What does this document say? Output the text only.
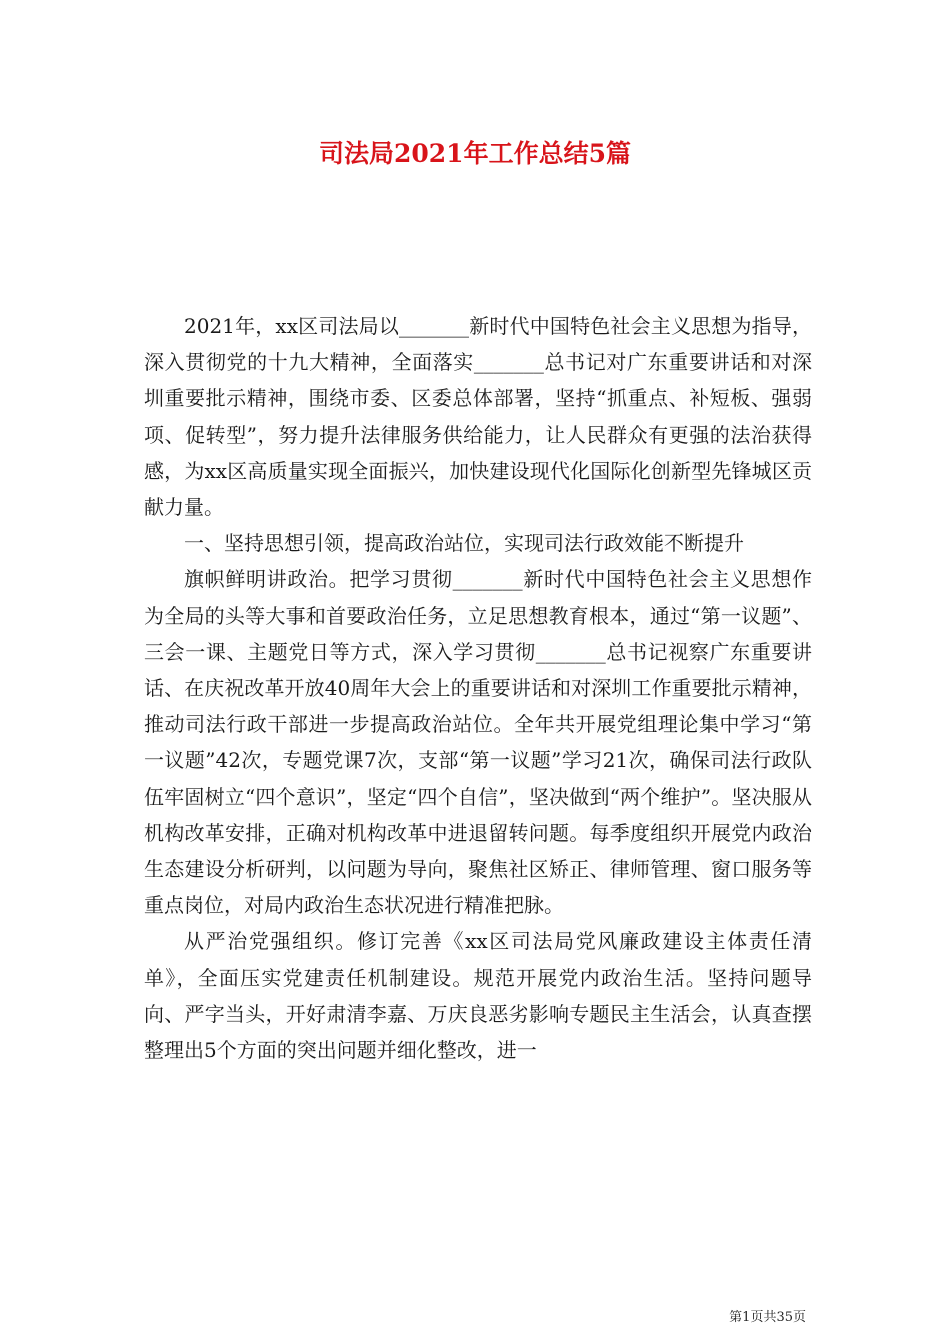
司法局2021年工作总结5篇

2021年，xx区司法局以_______新时代中国特色社会主义思想为指导，深入贯彻党的十九大精神，全面落实_______总书记对广东重要讲话和对深圳重要批示精神，围绕市委、区委总体部署，坚持“抓重点、补短板、强弱项、促转型”，努力提升法律服务供给能力，让人民群众有更强的法治获得感，为xx区高质量实现全面振兴，加快建设现代化国际化创新型先锋城区贡献力量。

一、坚持思想引领，提高政治站位，实现司法行政效能不断提升

旗帜鲜明讲政治。把学习贯彻_______新时代中国特色社会主义思想作为全局的头等大事和首要政治任务，立足思想教育根本，通过“第一议题”、三会一课、主题党日等方式，深入学习贯彻_______总书记视察广东重要讲话、在庆祝改革开放40周年大会上的重要讲话和对深圳工作重要批示精神，推动司法行政干部进一步提高政治站位。全年共开展党组理论集中学习“第一议题”42次，专题党课7次，支部“第一议题”学习21次，确保司法行政队伍牢固树立“四个意识”，坚定“四个自信”，坚决做到“两个维护”。坚决服从机构改革安排，正确对机构改革中进退留转问题。每季度组织开展党内政治生态建设分析研判，以问题为导向，聚焦社区矫正、律师管理、窗口服务等重点岗位，对局内政治生态状况进行精准把脉。

从严治党强组织。修订完善《xx区司法局党风廉政建设主体责任清单》，全面压实党建责任机制建设。规范开展党内政治生活。坚持问题导向、严字当头，开好肃清李嘉、万庆良恶劣影响专题民主生活会，认真查摆整理出5个方面的突出问题并细化整改，进一

第1页共35页
